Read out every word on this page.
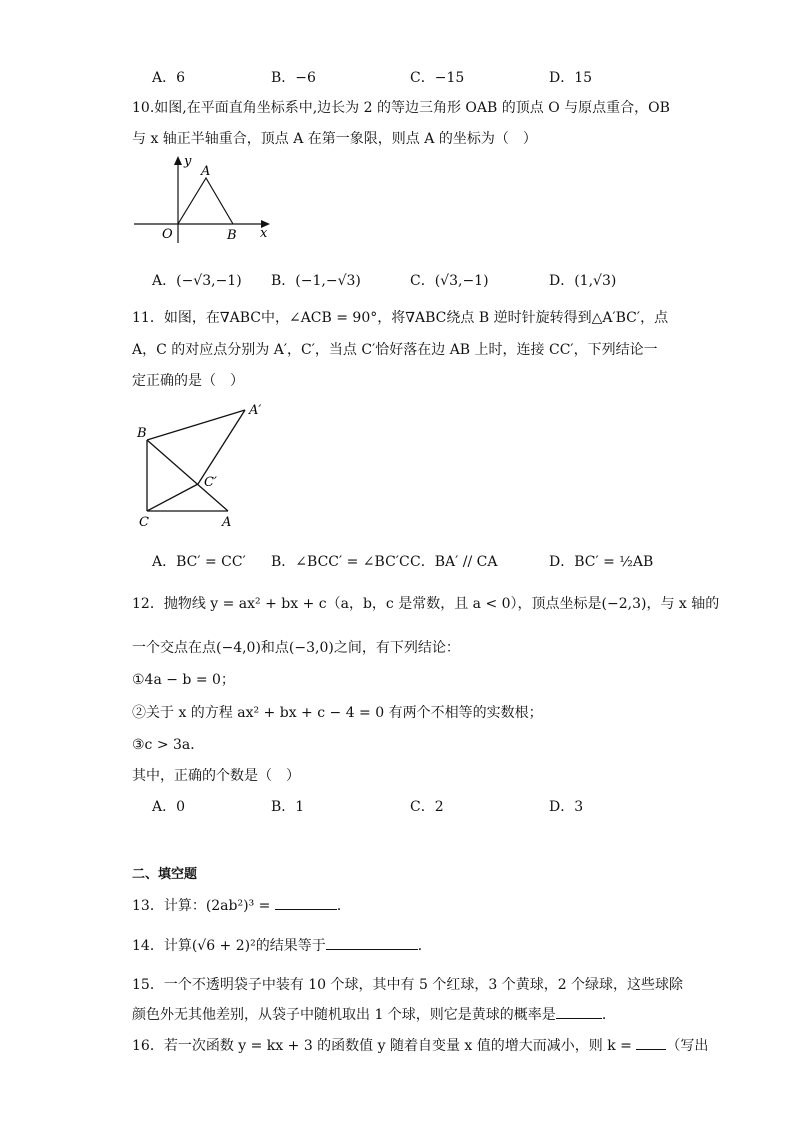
A．6	B．−6	C．−15	D．15
10.如图,在平面直角坐标系中,边长为 2 的等边三角形 OAB 的顶点 O 与原点重合，OB
与 x 轴正半轴重合，顶点 A 在第一象限，则点 A 的坐标为（　）
y
x
O
A
B
A．(−√3,−1) B．(−1,−√3)	C．(√3,−1)	D．(1,√3)
11．如图，在∇ABC中，∠ACB = 90°，将∇ABC绕点 B 逆时针旋转得到△A′BC′，点
A，C 的对应点分别为 A′，C′，当点 C′恰好落在边 AB 上时，连接 CC′，下列结论一
定正确的是（　）
B
A′
C′
C	A
A．BC′ = CC′ B．∠BCC′ = ∠BC′C C．BA′ // CA	D．BC′ = ½AB
12．抛物线 y = ax² + bx + c（a，b，c 是常数，且 a < 0），顶点坐标是(−2,3)，与 x 轴的
一个交点在点(−4,0)和点(−3,0)之间，有下列结论：
①4a − b = 0；
②关于 x 的方程 ax² + bx + c − 4 = 0 有两个不相等的实数根；
③c > 3a．
其中，正确的个数是（　）
A．0	B．1	C．2	D．3
二、填空题
13．计算：(2ab²)³ =	．
14．计算(√6 + 2)²的结果等于	．
15．一个不透明袋子中装有 10 个球，其中有 5 个红球，3 个黄球，2 个绿球，这些球除
颜色外无其他差别，从袋子中随机取出 1 个球，则它是黄球的概率是	．
16．若一次函数 y = kx + 3 的函数值 y 随着自变量 x 值的增大而减小，则 k = （写出
